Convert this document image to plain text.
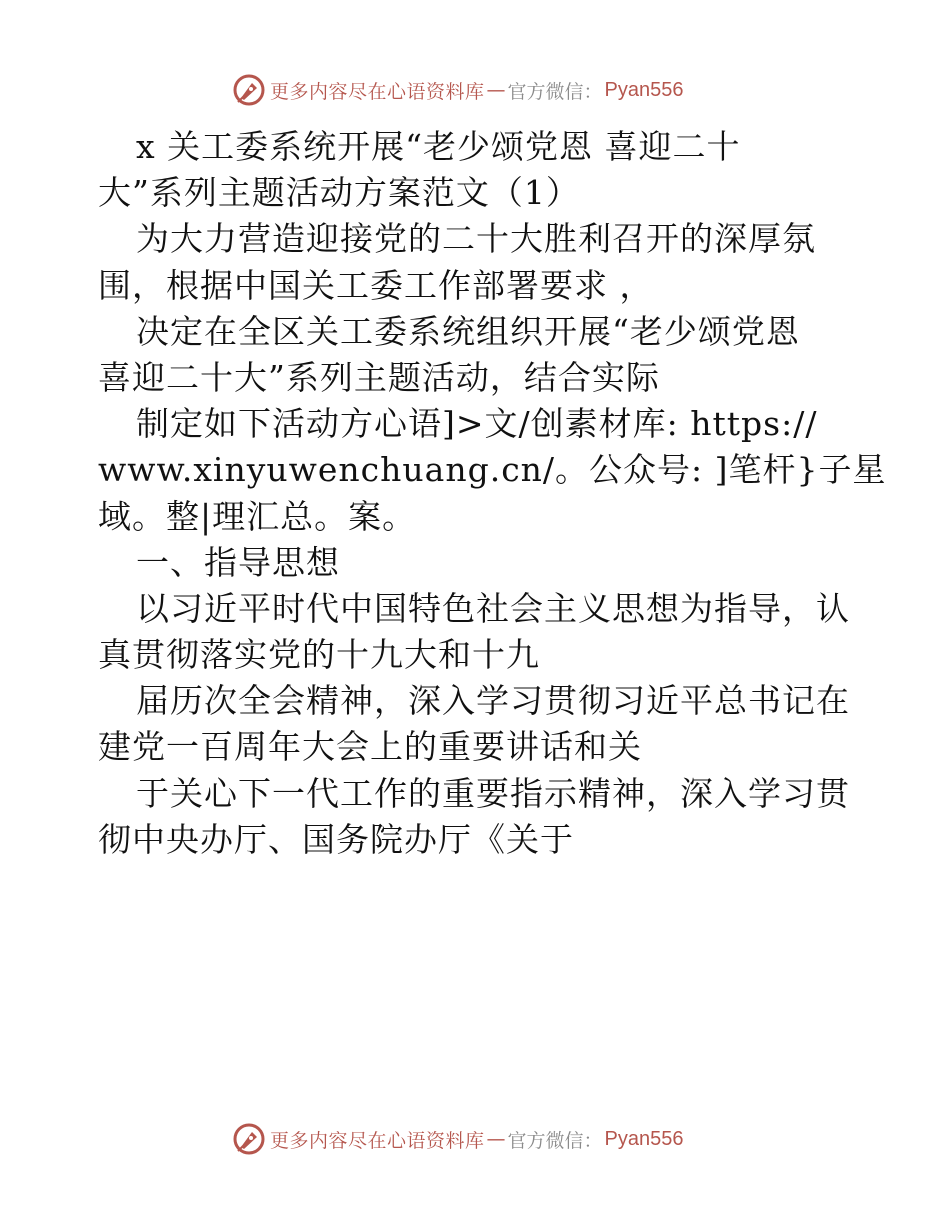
更多内容尽在心语资料库 — 官方微信： Pyan556
x 关工委系统开展“老少颂党恩 喜迎二十
大”系列主题活动方案范文（1）
为大力营造迎接党的二十大胜利召开的深厚氛
围，根据中国关工委工作部署要求 ，
决定在全区关工委系统组织开展“老少颂党恩
喜迎二十大”系列主题活动，结合实际
制定如下活动方心语]>文/创素材库: https://
www.xinyuwenchuang.cn/。公众号: ]笔杆}子星
域。整|理汇总。案。
一、指导思想
以习近平时代中国特色社会主义思想为指导，认
真贯彻落实党的十九大和十九
届历次全会精神，深入学习贯彻习近平总书记在
建党一百周年大会上的重要讲话和关
于关心下一代工作的重要指示精神，深入学习贯
彻中央办厅、国务院办厅《关于
更多内容尽在心语资料库 — 官方微信： Pyan556
